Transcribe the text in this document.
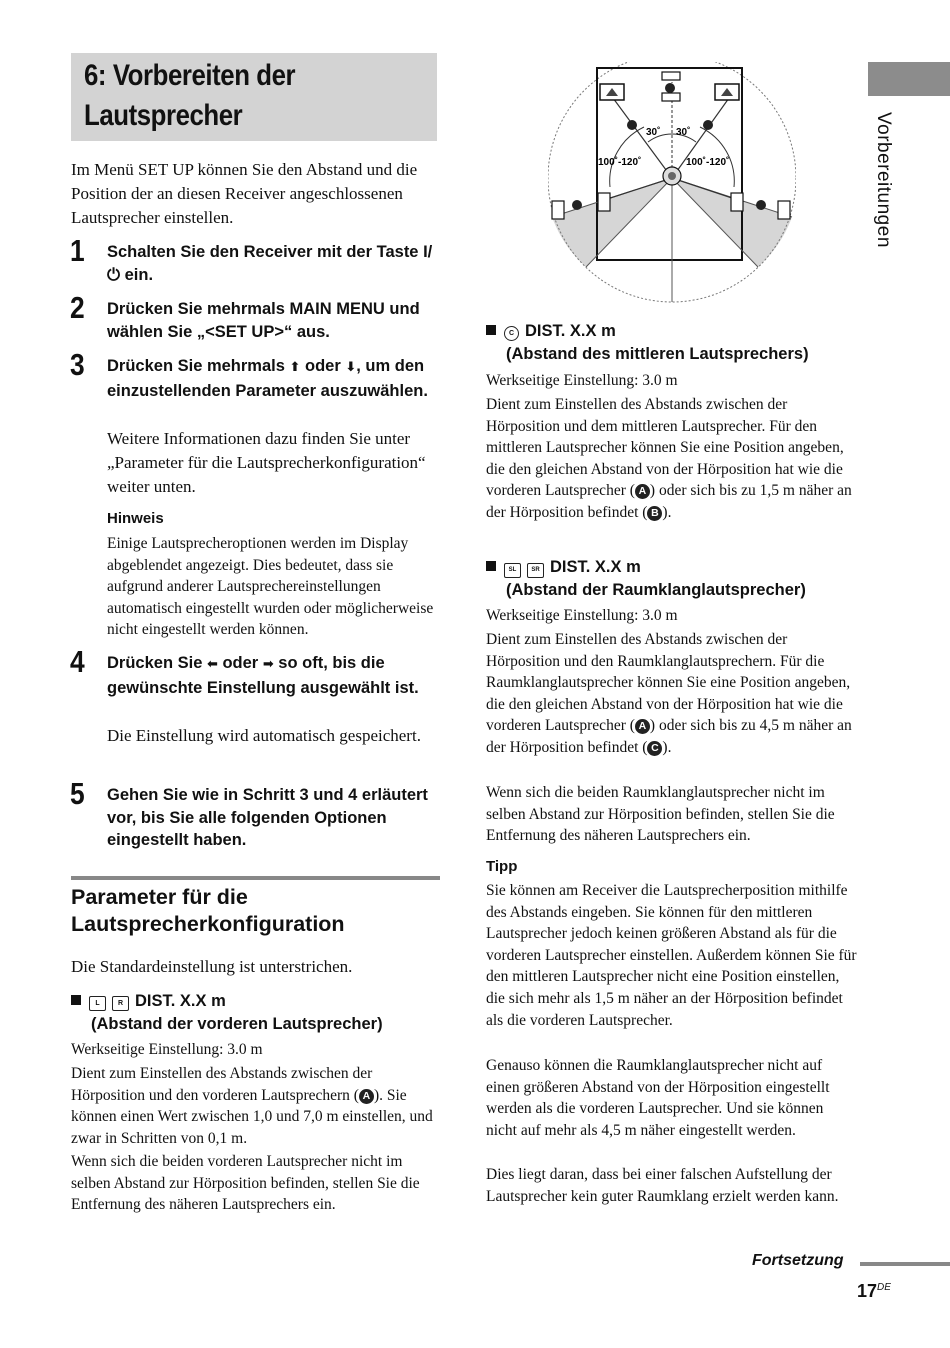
6: Vorbereiten der Lautsprecher	Vorbereitungen

Im Menü SET UP können Sie den Abstand und die Position der an diesen Receiver angeschlossenen Lautsprecher einstellen.

1 Schalten Sie den Receiver mit der Taste I/⏻ ein.
2 Drücken Sie mehrmals MAIN MENU und wählen Sie „<SET UP>“ aus.
3 Drücken Sie mehrmals ⬆ oder ⬇, um den einzustellenden Parameter auszuwählen.

Weitere Informationen dazu finden Sie unter „Parameter für die Lautsprecherkonfiguration“ weiter unten.

Hinweis

Einige Lautsprecheroptionen werden im Display abgeblendet angezeigt. Dies bedeutet, dass sie aufgrund anderer Lautsprechereinstellungen automatisch eingestellt wurden oder möglicherweise nicht eingestellt werden können.

4 Drücken Sie ⬅ oder ➡ so oft, bis die gewünschte Einstellung ausgewählt ist.

Die Einstellung wird automatisch gespeichert.

5 Gehen Sie wie in Schritt 3 und 4 erläutert vor, bis Sie alle folgenden Optionen eingestellt haben.
Parameter für die Lautsprecherkonfiguration

Die Standardeinstellung ist unterstrichen.

L	R DIST. X.X m
(Abstand der vorderen Lautsprecher)

Werkseitige Einstellung: 3.0 m

Dient zum Einstellen des Abstands zwischen der Hörposition und den vorderen Lautsprechern ( A ). Sie können einen Wert zwischen 1,0 und 7,0 m einstellen, und zwar in Schritten von 0,1 m.

Wenn sich die beiden vorderen Lautsprecher nicht im selben Abstand zur Hörposition befinden, stellen Sie die Entfernung des näheren Lautsprechers ein.

30˚ 30˚
100˚-120˚	100˚-120˚
C DIST. X.X m
(Abstand des mittleren Lautsprechers)

Werkseitige Einstellung: 3.0 m

Dient zum Einstellen des Abstands zwischen der Hörposition und dem mittleren Lautsprecher. Für den mittleren Lautsprecher können Sie eine Position angeben, die den gleichen Abstand von der Hörposition hat wie die vorderen Lautsprecher ( A ) oder sich bis zu 1,5 m näher an der Hörposition befindet ( B ).

SL	SR DIST. X.X m
(Abstand der Raumklanglautsprecher)

Werkseitige Einstellung: 3.0 m

Dient zum Einstellen des Abstands zwischen der Hörposition und den Raumklanglautsprechern. Für die Raumklanglautsprecher können Sie eine Position angeben, die den gleichen Abstand von der Hörposition hat wie die vorderen Lautsprecher ( A ) oder sich bis zu 4,5 m näher an der Hörposition befindet ( C ).

Wenn sich die beiden Raumklanglautsprecher nicht im selben Abstand zur Hörposition befinden, stellen Sie die Entfernung des näheren Lautsprechers ein.

Tipp

Sie können am Receiver die Lautsprecherposition mithilfe des Abstands eingeben. Sie können für den mittleren Lautsprecher jedoch keinen größeren Abstand als für die vorderen Lautsprecher einstellen. Außerdem können Sie für den mittleren Lautsprecher nicht eine Position einstellen, die sich mehr als 1,5 m näher an der Hörposition befindet als die vorderen Lautsprecher.

Genauso können die Raumklanglautsprecher nicht auf einen größeren Abstand von der Hörposition eingestellt werden als die vorderen Lautsprecher. Und sie können nicht auf mehr als 4,5 m näher eingestellt werden.

Dies liegt daran, dass bei einer falschen Aufstellung der Lautsprecher kein guter Raumklang erzielt werden kann.

Fortsetzung
17DE
